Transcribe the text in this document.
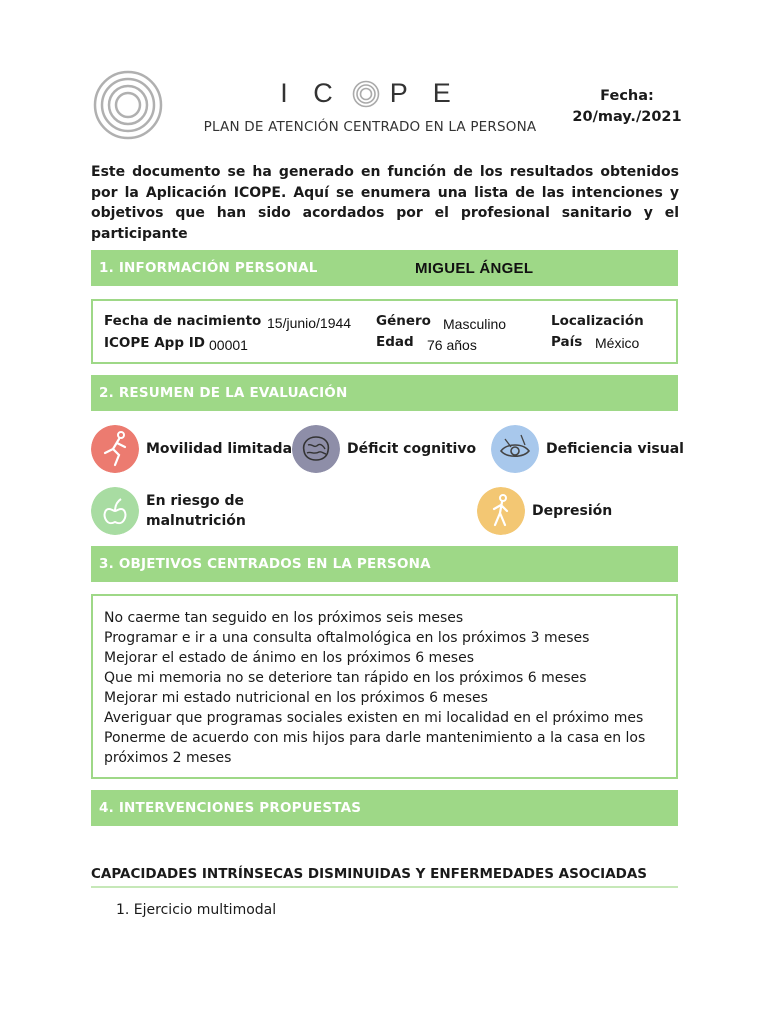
I C P E
PLAN DE ATENCIÓN CENTRADO EN LA PERSONA
Fecha:
20/may./2021
Este documento se ha generado en función de los resultados obtenidos por la Aplicación ICOPE. Aquí se enumera una lista de las intenciones y objetivos que han sido acordados por el profesional sanitario y el participante
1. INFORMACIÓN PERSONAL	MIGUEL ÁNGEL
Fecha de nacimiento 15/junio/1944
ICOPE App ID 00001
Género Masculino
Edad 76 años
Localización
País México
2. RESUMEN DE LA EVALUACIÓN
Movilidad limitada	Déficit cognitivo	Deficiencia visual
En riesgo de
malnutrición
Depresión
3. OBJETIVOS CENTRADOS EN LA PERSONA
No caerme tan seguido en los próximos seis meses
Programar e ir a una consulta oftalmológica en los próximos 3 meses
Mejorar el estado de ánimo en los próximos 6 meses
Que mi memoria no se deteriore tan rápido en los próximos 6 meses
Mejorar mi estado nutricional en los próximos 6 meses
Averiguar que programas sociales existen en mi localidad en el próximo mes
Ponerme de acuerdo con mis hijos para darle mantenimiento a la casa en los
próximos 2 meses
4. INTERVENCIONES PROPUESTAS
CAPACIDADES INTRÍNSECAS DISMINUIDAS Y ENFERMEDADES ASOCIADAS
1. Ejercicio multimodal
